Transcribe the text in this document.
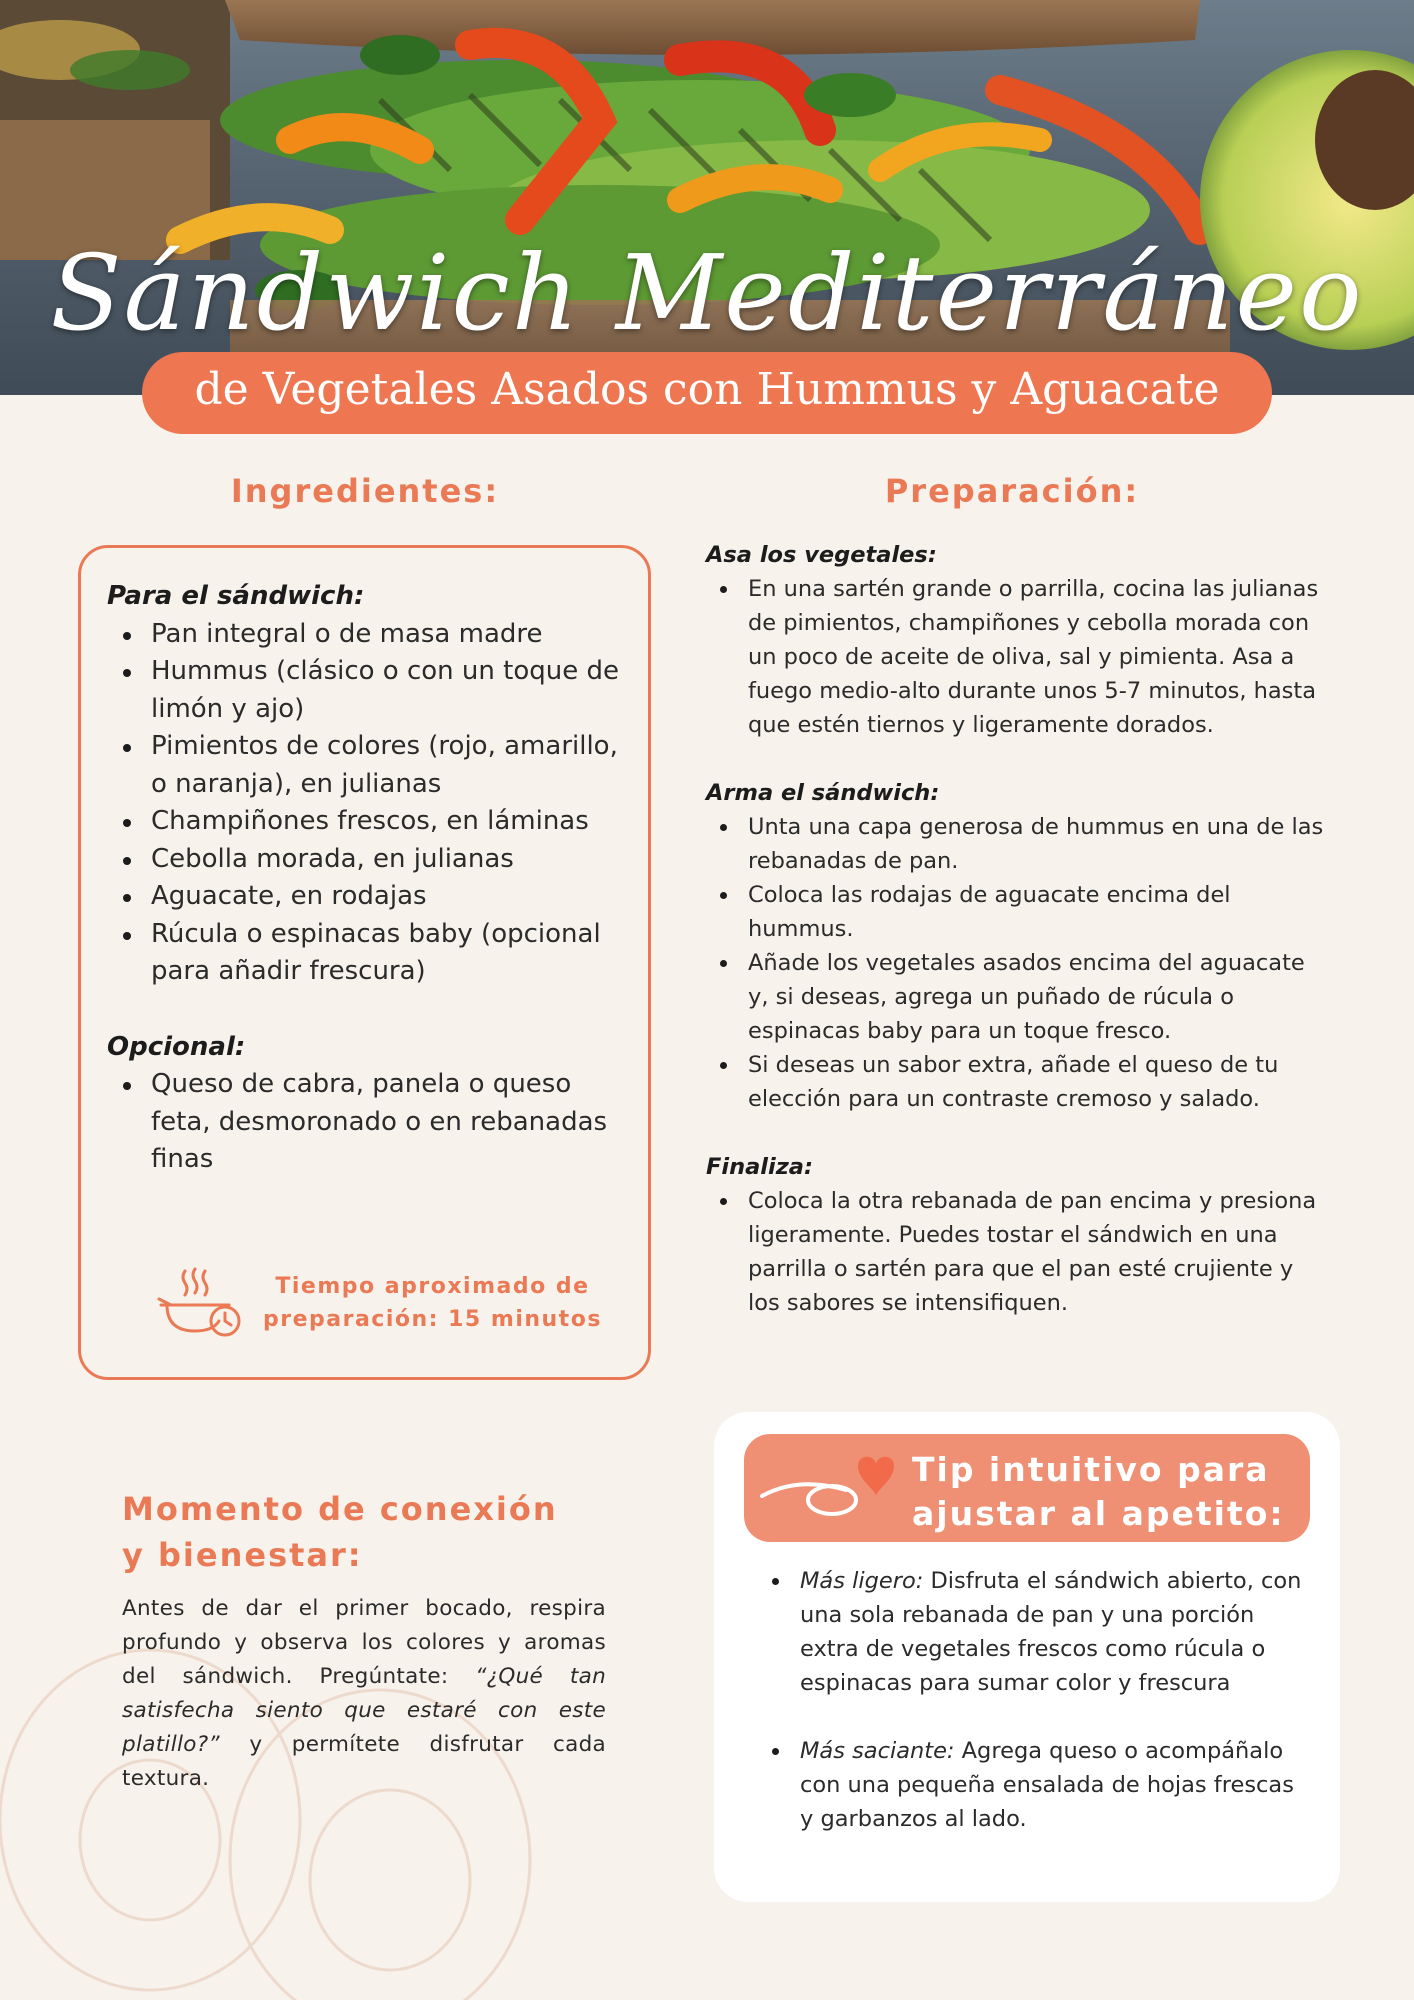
Sándwich Mediterráneo
de Vegetales Asados con Hummus y Aguacate
Ingredientes:	Preparación:
Para el sándwich:
Pan integral o de masa madre
Hummus (clásico o con un toque de limón y ajo)
Pimientos de colores (rojo, amarillo, o naranja), en julianas
Champiñones frescos, en láminas
Cebolla morada, en julianas
Aguacate, en rodajas
Rúcula o espinacas baby (opcional para añadir frescura)
Opcional:
Queso de cabra, panela o queso feta, desmoronado o en rebanadas finas
Tiempo aproximado de
preparación: 15 minutos
Asa los vegetales:
En una sartén grande o parrilla, cocina las julianas de pimientos, champiñones y cebolla morada con un poco de aceite de oliva, sal y pimienta. Asa a fuego medio-alto durante unos 5-7 minutos, hasta que estén tiernos y ligeramente dorados.
Arma el sándwich:
Unta una capa generosa de hummus en una de las rebanadas de pan.
Coloca las rodajas de aguacate encima del hummus.
Añade los vegetales asados encima del aguacate y, si deseas, agrega un puñado de rúcula o espinacas baby para un toque fresco.
Si deseas un sabor extra, añade el queso de tu elección para un contraste cremoso y salado.
Finaliza:
Coloca la otra rebanada de pan encima y presiona ligeramente. Puedes tostar el sándwich en una parrilla o sartén para que el pan esté crujiente y los sabores se intensifiquen.
Momento de conexión
y bienestar:
Antes de dar el primer bocado, respira profundo y observa los colores y aromas del sándwich. Pregúntate: “¿Qué tan satisfecha siento que estaré con este platillo?” y permítete disfrutar cada textura.
Tip intuitivo para
ajustar al apetito:
Más ligero: Disfruta el sándwich abierto, con una sola rebanada de pan y una porción extra de vegetales frescos como rúcula o espinacas para sumar color y frescura
Más saciante: Agrega queso o acompáñalo con una pequeña ensalada de hojas frescas y garbanzos al lado.
